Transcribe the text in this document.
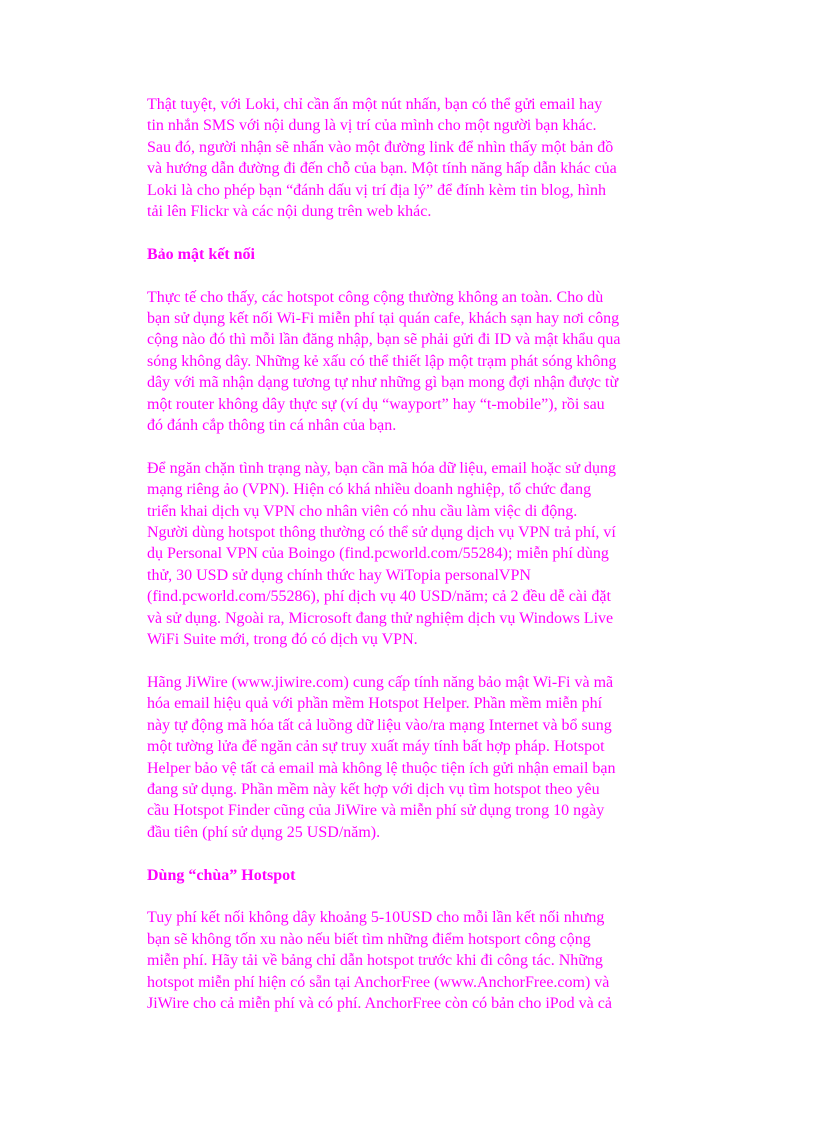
Thật tuyệt, với Loki, chỉ cần ấn một nút nhấn, bạn có thể gửi email hay
tin nhắn SMS với nội dung là vị trí của mình cho một người bạn khác.
Sau đó, người nhận sẽ nhấn vào một đường link để nhìn thấy một bản đồ
và hướng dẫn đường đi đến chỗ của bạn. Một tính năng hấp dẫn khác của
Loki là cho phép bạn “đánh dấu vị trí địa lý” để đính kèm tin blog, hình
tải lên Flickr và các nội dung trên web khác.
Bảo mật kết nối
Thực tế cho thấy, các hotspot công cộng thường không an toàn. Cho dù
bạn sử dụng kết nối Wi-Fi miễn phí tại quán cafe, khách sạn hay nơi công
cộng nào đó thì mỗi lần đăng nhập, bạn sẽ phải gửi đi ID và mật khẩu qua
sóng không dây. Những kẻ xấu có thể thiết lập một trạm phát sóng không
dây với mã nhận dạng tương tự như những gì bạn mong đợi nhận được từ
một router không dây thực sự (ví dụ “wayport” hay “t-mobile”), rồi sau
đó đánh cắp thông tin cá nhân của bạn.
Để ngăn chặn tình trạng này, bạn cần mã hóa dữ liệu, email hoặc sử dụng
mạng riêng ảo (VPN). Hiện có khá nhiều doanh nghiệp, tổ chức đang
triển khai dịch vụ VPN cho nhân viên có nhu cầu làm việc di động.
Người dùng hotspot thông thường có thể sử dụng dịch vụ VPN trả phí, ví
dụ Personal VPN của Boingo (find.pcworld.com/55284); miễn phí dùng
thử, 30 USD sử dụng chính thức hay WiTopia personalVPN
(find.pcworld.com/55286), phí dịch vụ 40 USD/năm; cả 2 đều dễ cài đặt
và sử dụng. Ngoài ra, Microsoft đang thử nghiệm dịch vụ Windows Live
WiFi Suite mới, trong đó có dịch vụ VPN.
Hãng JiWire (www.jiwire.com) cung cấp tính năng bảo mật Wi-Fi và mã
hóa email hiệu quả với phần mềm Hotspot Helper. Phần mềm miễn phí
này tự động mã hóa tất cả luồng dữ liệu vào/ra mạng Internet và bổ sung
một tường lửa để ngăn cản sự truy xuất máy tính bất hợp pháp. Hotspot
Helper bảo vệ tất cả email mà không lệ thuộc tiện ích gửi nhận email bạn
đang sử dụng. Phần mềm này kết hợp với dịch vụ tìm hotspot theo yêu
cầu Hotspot Finder cũng của JiWire và miễn phí sử dụng trong 10 ngày
đầu tiên (phí sử dụng 25 USD/năm).
Dùng “chùa” Hotspot
Tuy phí kết nối không dây khoảng 5-10USD cho mỗi lần kết nối nhưng
bạn sẽ không tốn xu nào nếu biết tìm những điểm hotsport công cộng
miễn phí. Hãy tải về bảng chỉ dẫn hotspot trước khi đi công tác. Những
hotspot miễn phí hiện có sẵn tại AnchorFree (www.AnchorFree.com) và
JiWire cho cả miễn phí và có phí. AnchorFree còn có bản cho iPod và cả
